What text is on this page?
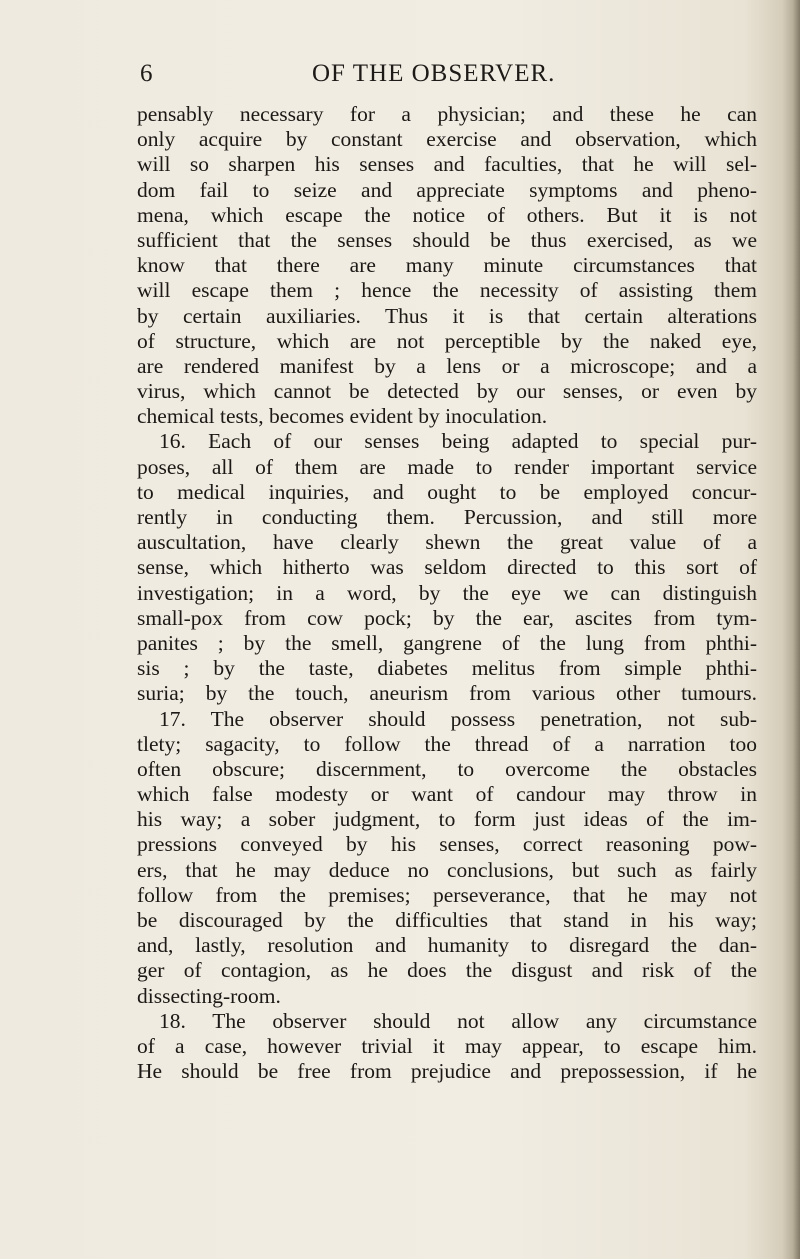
6	OF THE OBSERVER.
pensably necessary for a physician; and these he can
only acquire by constant exercise and observation, which
will so sharpen his senses and faculties, that he will sel-
dom fail to seize and appreciate symptoms and pheno-
mena, which escape the notice of others. But it is not
sufficient that the senses should be thus exercised, as we
know that there are many minute circumstances that
will escape them ; hence the necessity of assisting them
by certain auxiliaries. Thus it is that certain alterations
of structure, which are not perceptible by the naked eye,
are rendered manifest by a lens or a microscope; and a
virus, which cannot be detected by our senses, or even by
chemical tests, becomes evident by inoculation.
16. Each of our senses being adapted to special pur-
poses, all of them are made to render important service
to medical inquiries, and ought to be employed concur-
rently in conducting them. Percussion, and still more
auscultation, have clearly shewn the great value of a
sense, which hitherto was seldom directed to this sort of
investigation; in a word, by the eye we can distinguish
small-pox from cow pock; by the ear, ascites from tym-
panites ; by the smell, gangrene of the lung from phthi-
sis ; by the taste, diabetes melitus from simple phthi-
suria; by the touch, aneurism from various other tumours.
17. The observer should possess penetration, not sub-
tlety; sagacity, to follow the thread of a narration too
often obscure; discernment, to overcome the obstacles
which false modesty or want of candour may throw in
his way; a sober judgment, to form just ideas of the im-
pressions conveyed by his senses, correct reasoning pow-
ers, that he may deduce no conclusions, but such as fairly
follow from the premises; perseverance, that he may not
be discouraged by the difficulties that stand in his way;
and, lastly, resolution and humanity to disregard the dan-
ger of contagion, as he does the disgust and risk of the
dissecting-room.
18. The observer should not allow any circumstance
of a case, however trivial it may appear, to escape him.
He should be free from prejudice and prepossession, if he
